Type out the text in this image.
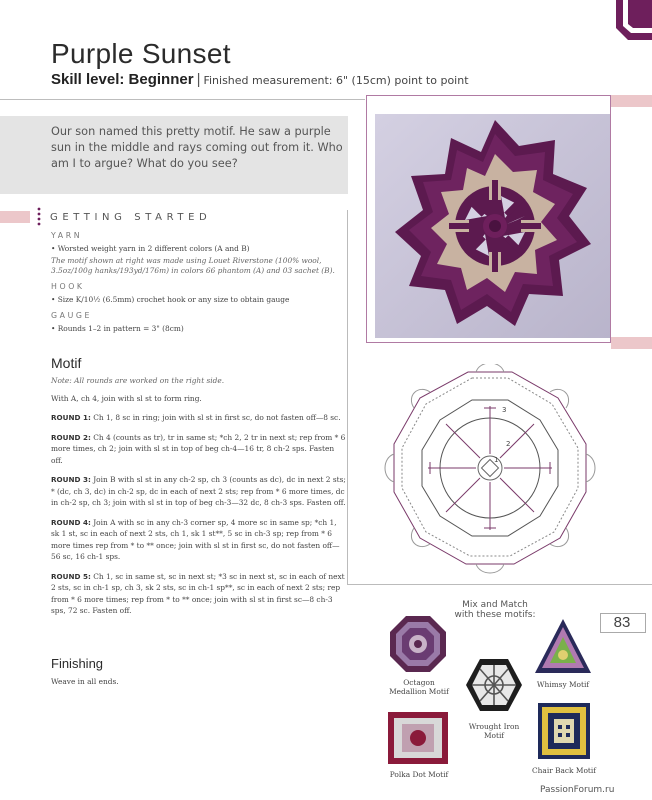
Purple Sunset
Skill level: Beginner | Finished measurement: 6" (15cm) point to point
Our son named this pretty motif. He saw a purple sun in the middle and rays coming out from it. Who am I to argue? What do you see?
GETTING STARTED
YARN
• Worsted weight yarn in 2 different colors (A and B)
The motif shown at right was made using Louet Riverstone (100% wool, 3.5oz/100g hanks/193yd/176m) in colors 66 phantom (A) and 03 sachet (B).
HOOK
• Size K/10½ (6.5mm) crochet hook or any size to obtain gauge
GAUGE
• Rounds 1–2 in pattern = 3" (8cm)
Motif

Note: All rounds are worked on the right side.

With A, ch 4, join with sl st to form ring.

ROUND 1: Ch 1, 8 sc in ring; join with sl st in first sc, do not fasten off—8 sc.

ROUND 2: Ch 4 (counts as tr), tr in same st; *ch 2, 2 tr in next st; rep from * 6 more times, ch 2; join with sl st in top of beg ch-4—16 tr, 8 ch-2 sps. Fasten off.

ROUND 3: Join B with sl st in any ch-2 sp, ch 3 (counts as dc), dc in next 2 sts; * (dc, ch 3, dc) in ch-2 sp, dc in each of next 2 sts; rep from * 6 more times, dc in ch-2 sp, ch 3; join with sl st in top of beg ch-3—32 dc, 8 ch-3 sps. Fasten off.

ROUND 4: Join A with sc in any ch-3 corner sp, 4 more sc in same sp; *ch 1, sk 1 st, sc in each of next 2 sts, ch 1, sk 1 st**, 5 sc in ch-3 sp; rep from * 6 more times rep from * to ** once; join with sl st in first sc, do not fasten off—56 sc, 16 ch-1 sps.

ROUND 5: Ch 1, sc in same st, sc in next st; *3 sc in next st, sc in each of next 2 sts, sc in ch-1 sp, ch 3, sk 2 sts, sc in ch-1 sp**, sc in each of next 2 sts; rep from * 6 more times; rep from * to ** once; join with sl st in first sc—8 ch-3 sps, 72 sc. Fasten off.

Finishing
Weave in all ends.
1
2
3
Mix and Match with these motifs:	83
Octagon Medallion Motif
Whimsy Motif
Wrought Iron Motif
Polka Dot Motif	Chair Back Motif
PassionForum.ru
